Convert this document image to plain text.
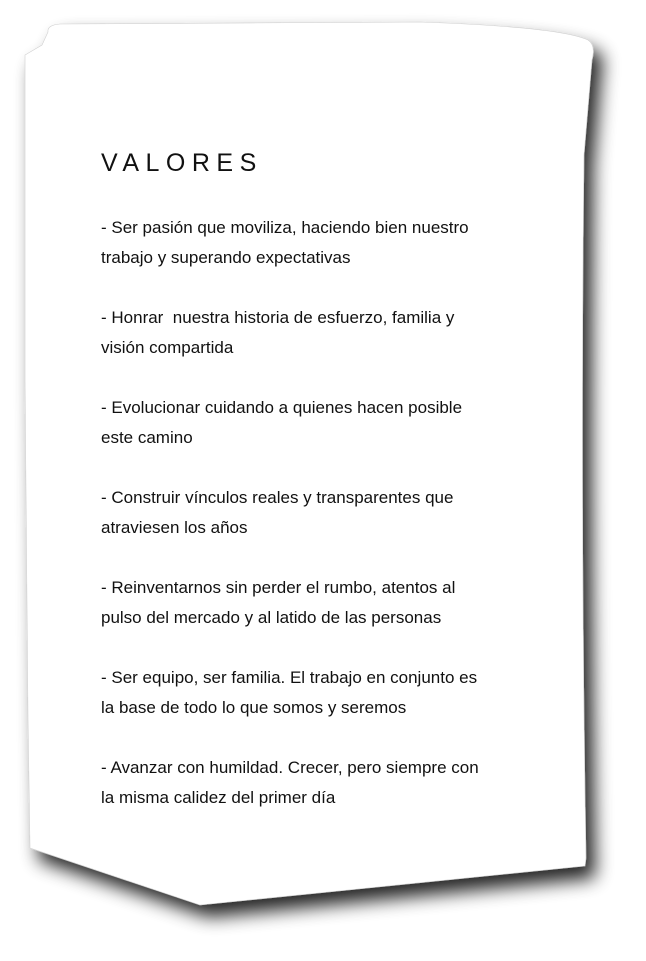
VALORES
- Ser pasión que moviliza, haciendo bien nuestro
trabajo y superando expectativas
- Honrar  nuestra historia de esfuerzo, familia y
visión compartida
- Evolucionar cuidando a quienes hacen posible
este camino
- Construir vínculos reales y transparentes que
atraviesen los años
- Reinventarnos sin perder el rumbo, atentos al
pulso del mercado y al latido de las personas
- Ser equipo, ser familia. El trabajo en conjunto es
la base de todo lo que somos y seremos
- Avanzar con humildad. Crecer, pero siempre con
la misma calidez del primer día
